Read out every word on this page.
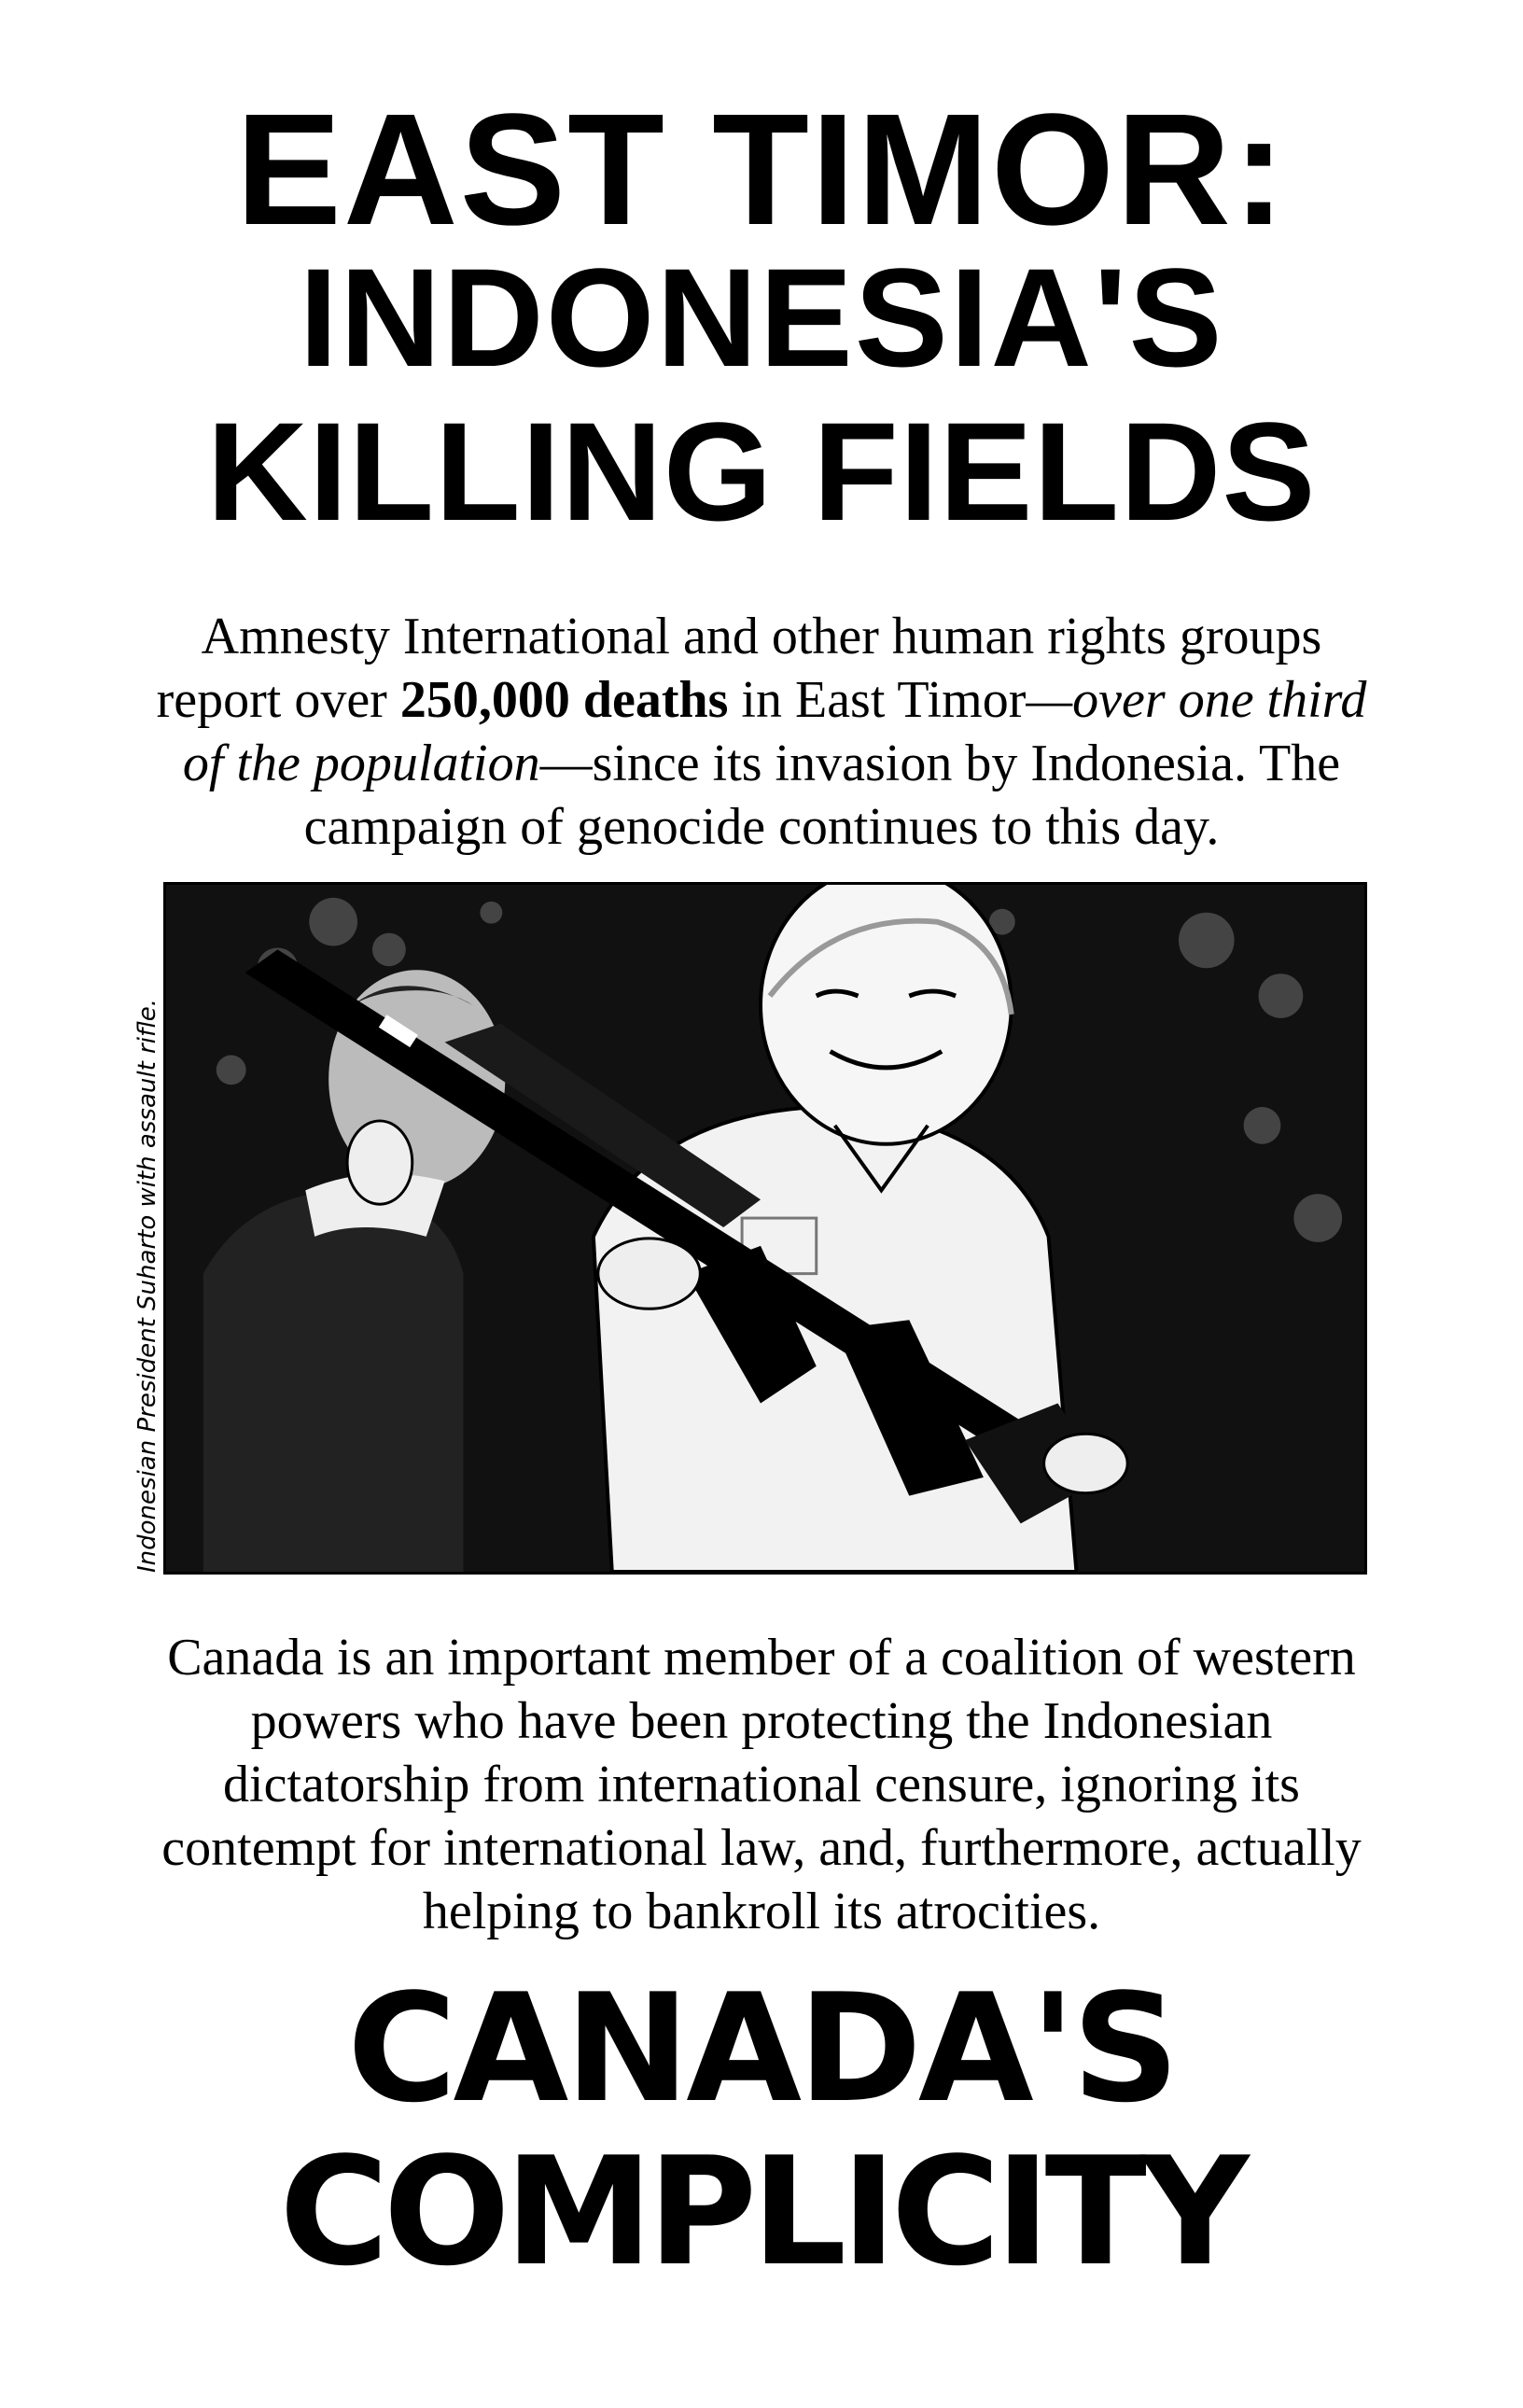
EAST TIMOR:
INDONESIA'S
KILLING FIELDS

Amnesty International and other human rights groups
report over 250,000 deaths in East Timor—over one third
of the population—since its invasion by Indonesia. The
campaign of genocide continues to this day.

Indonesian President Suharto with assault rifle.

Canada is an important member of a coalition of western
powers who have been protecting the Indonesian
dictatorship from international censure, ignoring its
contempt for international law, and, furthermore, actually
helping to bankroll its atrocities.

CANADA'S
COMPLICITY
